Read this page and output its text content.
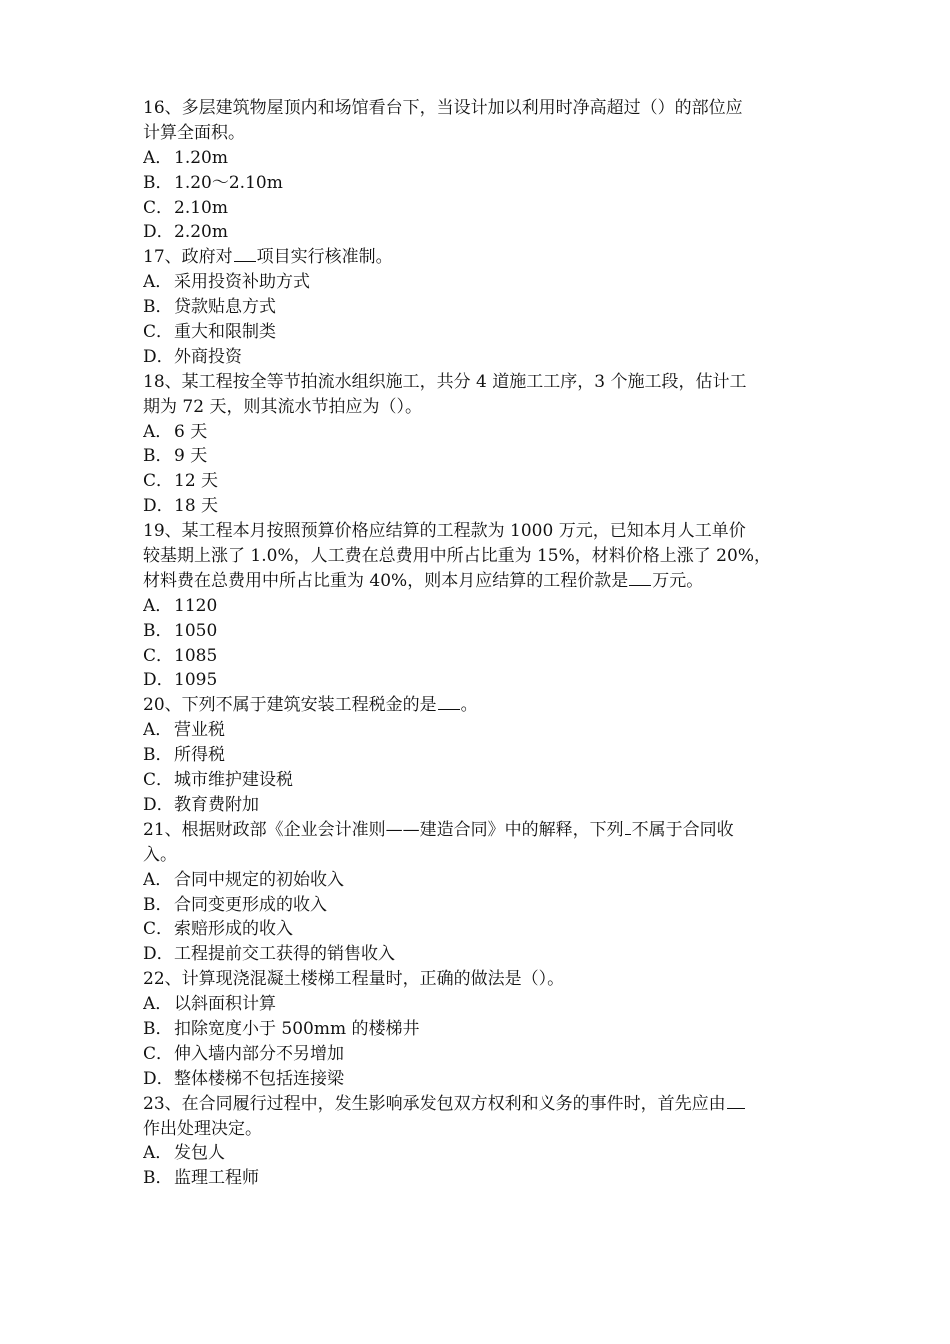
16、多层建筑物屋顶内和场馆看台下，当设计加以利用时净高超过（）的部位应
计算全面积。
A． 1.20m
B．1.20～2.10m
C．2.10m
D．2.20m
17、政府对 项目实行核准制。
A． 采用投资补助方式
B．贷款贴息方式
C．重大和限制类
D．外商投资
18、某工程按全等节拍流水组织施工，共分 4 道施工工序，3 个施工段，估计工
期为 72 天，则其流水节拍应为（）。
A． 6 天
B．9 天
C．12 天
D．18 天
19、某工程本月按照预算价格应结算的工程款为 1000 万元，已知本月人工单价
较基期上涨了 1.0%，人工费在总费用中所占比重为 15%，材料价格上涨了 20%，
材料费在总费用中所占比重为 40%，则本月应结算的工程价款是 万元。
A． 1120
B．1050
C．1085
D．1095
20、下列不属于建筑安装工程税金的是 。
A． 营业税
B．所得税
C．城市维护建设税
D．教育费附加
21、根据财政部《企业会计准则——建造合同》中的解释，下列 不属于合同收
入。
A． 合同中规定的初始收入
B．合同变更形成的收入
C．索赔形成的收入
D．工程提前交工获得的销售收入
22、计算现浇混凝土楼梯工程量时，正确的做法是（）。
A． 以斜面积计算
B．扣除宽度小于 500mm 的楼梯井
C．伸入墙内部分不另增加
D．整体楼梯不包括连接梁
23、在合同履行过程中，发生影响承发包双方权利和义务的事件时，首先应由
作出处理决定。
A． 发包人
B．监理工程师
